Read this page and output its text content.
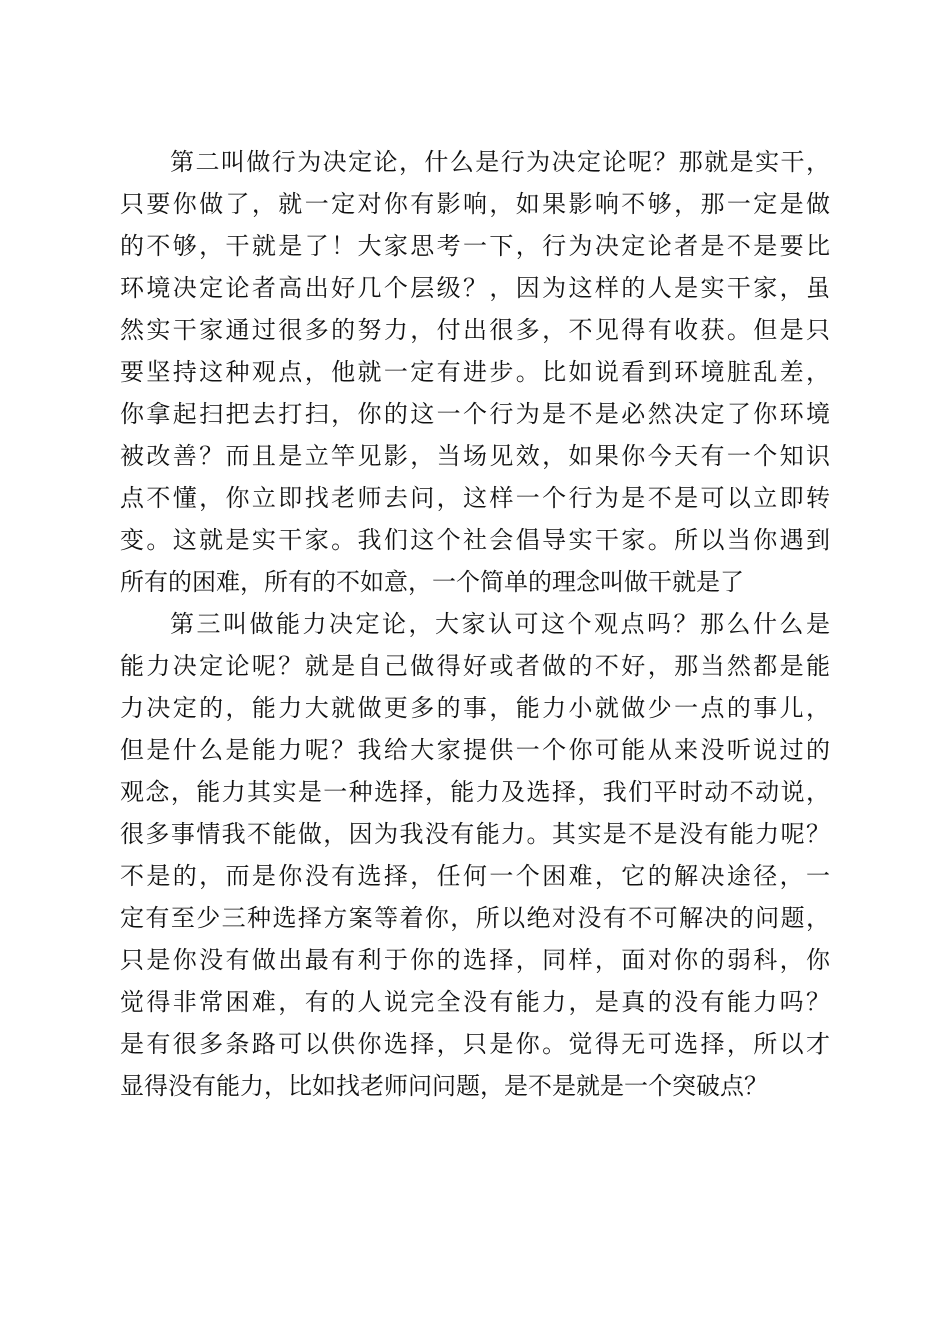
第二叫做行为决定论，什么是行为决定论呢？那就是实干，
只要你做了，就一定对你有影响，如果影响不够，那一定是做
的不够，干就是了！大家思考一下，行为决定论者是不是要比
环境决定论者高出好几个层级？，因为这样的人是实干家，虽
然实干家通过很多的努力，付出很多，不见得有收获。但是只
要坚持这种观点，他就一定有进步。比如说看到环境脏乱差，
你拿起扫把去打扫，你的这一个行为是不是必然决定了你环境
被改善？而且是立竿见影，当场见效，如果你今天有一个知识
点不懂，你立即找老师去问，这样一个行为是不是可以立即转
变。这就是实干家。我们这个社会倡导实干家。所以当你遇到
所有的困难，所有的不如意，一个简单的理念叫做干就是了
第三叫做能力决定论，大家认可这个观点吗？那么什么是
能力决定论呢？就是自己做得好或者做的不好，那当然都是能
力决定的，能力大就做更多的事，能力小就做少一点的事儿，
但是什么是能力呢？我给大家提供一个你可能从来没听说过的
观念，能力其实是一种选择，能力及选择，我们平时动不动说，
很多事情我不能做，因为我没有能力。其实是不是没有能力呢？
不是的，而是你没有选择，任何一个困难，它的解决途径，一
定有至少三种选择方案等着你，所以绝对没有不可解决的问题，
只是你没有做出最有利于你的选择，同样，面对你的弱科，你
觉得非常困难，有的人说完全没有能力，是真的没有能力吗？
是有很多条路可以供你选择，只是你。觉得无可选择，所以才
显得没有能力，比如找老师问问题，是不是就是一个突破点？
